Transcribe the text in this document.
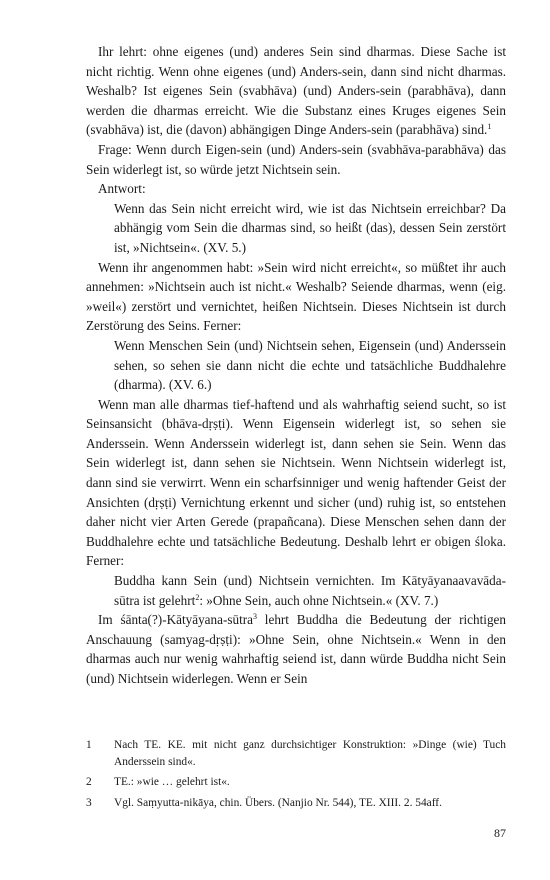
Ihr lehrt: ohne eigenes (und) anderes Sein sind dharmas. Diese Sache ist nicht richtig. Wenn ohne eigenes (und) Anders-sein, dann sind nicht dharmas. Weshalb? Ist eigenes Sein (svabhāva) (und) Anders-sein (parabhāva), dann werden die dharmas erreicht. Wie die Substanz eines Kruges eigenes Sein (svabhāva) ist, die (davon) abhängigen Dinge Anders-sein (parabhāva) sind.$^1$

Frage: Wenn durch Eigen-sein (und) Anders-sein (svabhāva-parabhāva) das Sein widerlegt ist, so würde jetzt Nichtsein sein.

Antwort:

Wenn das Sein nicht erreicht wird, wie ist das Nichtsein erreichbar? Da abhängig vom Sein die dharmas sind, so heißt (das), dessen Sein zerstört ist, »Nichtsein«. (XV. 5.)

Wenn ihr angenommen habt: »Sein wird nicht erreicht«, so müßtet ihr auch annehmen: »Nichtsein auch ist nicht.« Weshalb? Seiende dharmas, wenn (eig. »weil«) zerstört und vernichtet, heißen Nichtsein. Dieses Nichtsein ist durch Zerstörung des Seins. Ferner:

Wenn Menschen Sein (und) Nichtsein sehen, Eigensein (und) Anderssein sehen, so sehen sie dann nicht die echte und tatsächliche Buddhalehre (dharma). (XV. 6.)

Wenn man alle dharmas tief-haftend und als wahrhaftig seiend sucht, so ist Seinsansicht (bhāva-dṛṣṭi). Wenn Eigensein widerlegt ist, so sehen sie Anderssein. Wenn Anderssein widerlegt ist, dann sehen sie Sein. Wenn das Sein widerlegt ist, dann sehen sie Nichtsein. Wenn Nichtsein widerlegt ist, dann sind sie verwirrt. Wenn ein scharfsinniger und wenig haftender Geist der Ansichten (dṛṣṭi) Vernichtung erkennt und sicher (und) ruhig ist, so entstehen daher nicht vier Arten Gerede (prapañcana). Diese Menschen sehen dann der Buddhalehre echte und tatsächliche Bedeutung. Deshalb lehrt er obigen śloka. Ferner:

Buddha kann Sein (und) Nichtsein vernichten. Im Kātyāyanaavavāda-sūtra ist gelehrt$^2$: »Ohne Sein, auch ohne Nichtsein.« (XV. 7.)

Im śānta(?)-Kātyāyana-sūtra$^3$ lehrt Buddha die Bedeutung der richtigen Anschauung (samyag-dṛṣṭi): »Ohne Sein, ohne Nichtsein.« Wenn in den dharmas auch nur wenig wahrhaftig seiend ist, dann würde Buddha nicht Sein (und) Nichtsein widerlegen. Wenn er Sein

1 Nach TE. KE. mit nicht ganz durchsichtiger Konstruktion: »Dinge (wie) Tuch Anderssein sind«.
2 TE.: »wie … gelehrt ist«.
3 Vgl. Saṃyutta-nikāya, chin. Übers. (Nanjio Nr. 544), TE. XIII. 2. 54aff.
87
